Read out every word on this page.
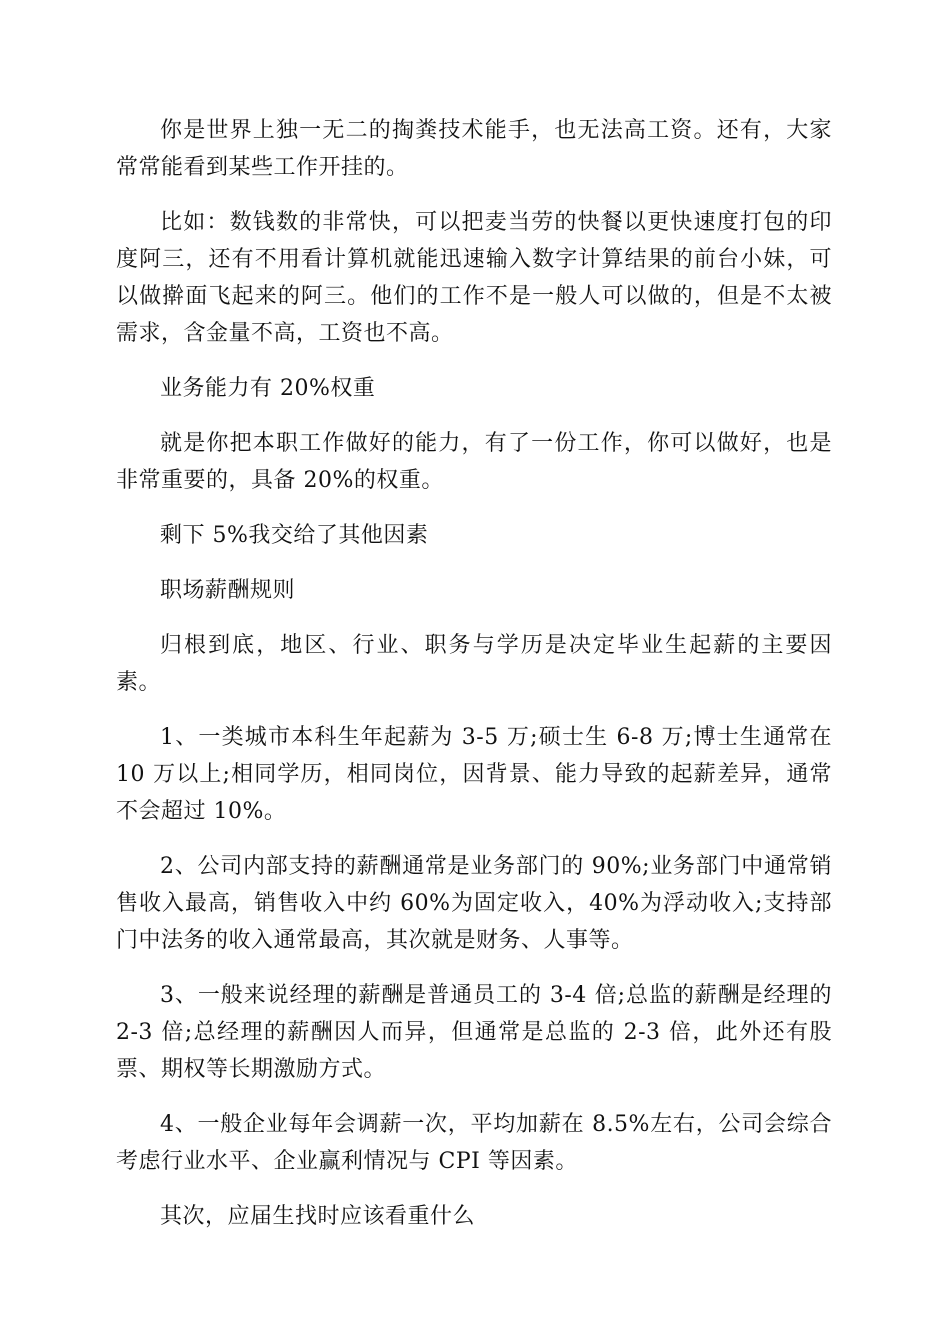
你是世界上独一无二的掏粪技术能手，也无法高工资。还有，大家常常能看到某些工作开挂的。

比如：数钱数的非常快，可以把麦当劳的快餐以更快速度打包的印度阿三，还有不用看计算机就能迅速输入数字计算结果的前台小妹，可以做擀面飞起来的阿三。他们的工作不是一般人可以做的，但是不太被需求，含金量不高，工资也不高。

业务能力有 20%权重

就是你把本职工作做好的能力，有了一份工作，你可以做好，也是非常重要的，具备 20%的权重。

剩下 5%我交给了其他因素

职场薪酬规则

归根到底，地区、行业、职务与学历是决定毕业生起薪的主要因素。

1、一类城市本科生年起薪为 3-5 万;硕士生 6-8 万;博士生通常在 10 万以上;相同学历，相同岗位，因背景、能力导致的起薪差异，通常不会超过 10%。

2、公司内部支持的薪酬通常是业务部门的 90%;业务部门中通常销售收入最高，销售收入中约 60%为固定收入，40%为浮动收入;支持部门中法务的收入通常最高，其次就是财务、人事等。

3、一般来说经理的薪酬是普通员工的 3-4 倍;总监的薪酬是经理的 2-3 倍;总经理的薪酬因人而异，但通常是总监的 2-3 倍，此外还有股票、期权等长期激励方式。

4、一般企业每年会调薪一次，平均加薪在 8.5%左右，公司会综合考虑行业水平、企业赢利情况与 CPI 等因素。

其次，应届生找时应该看重什么
